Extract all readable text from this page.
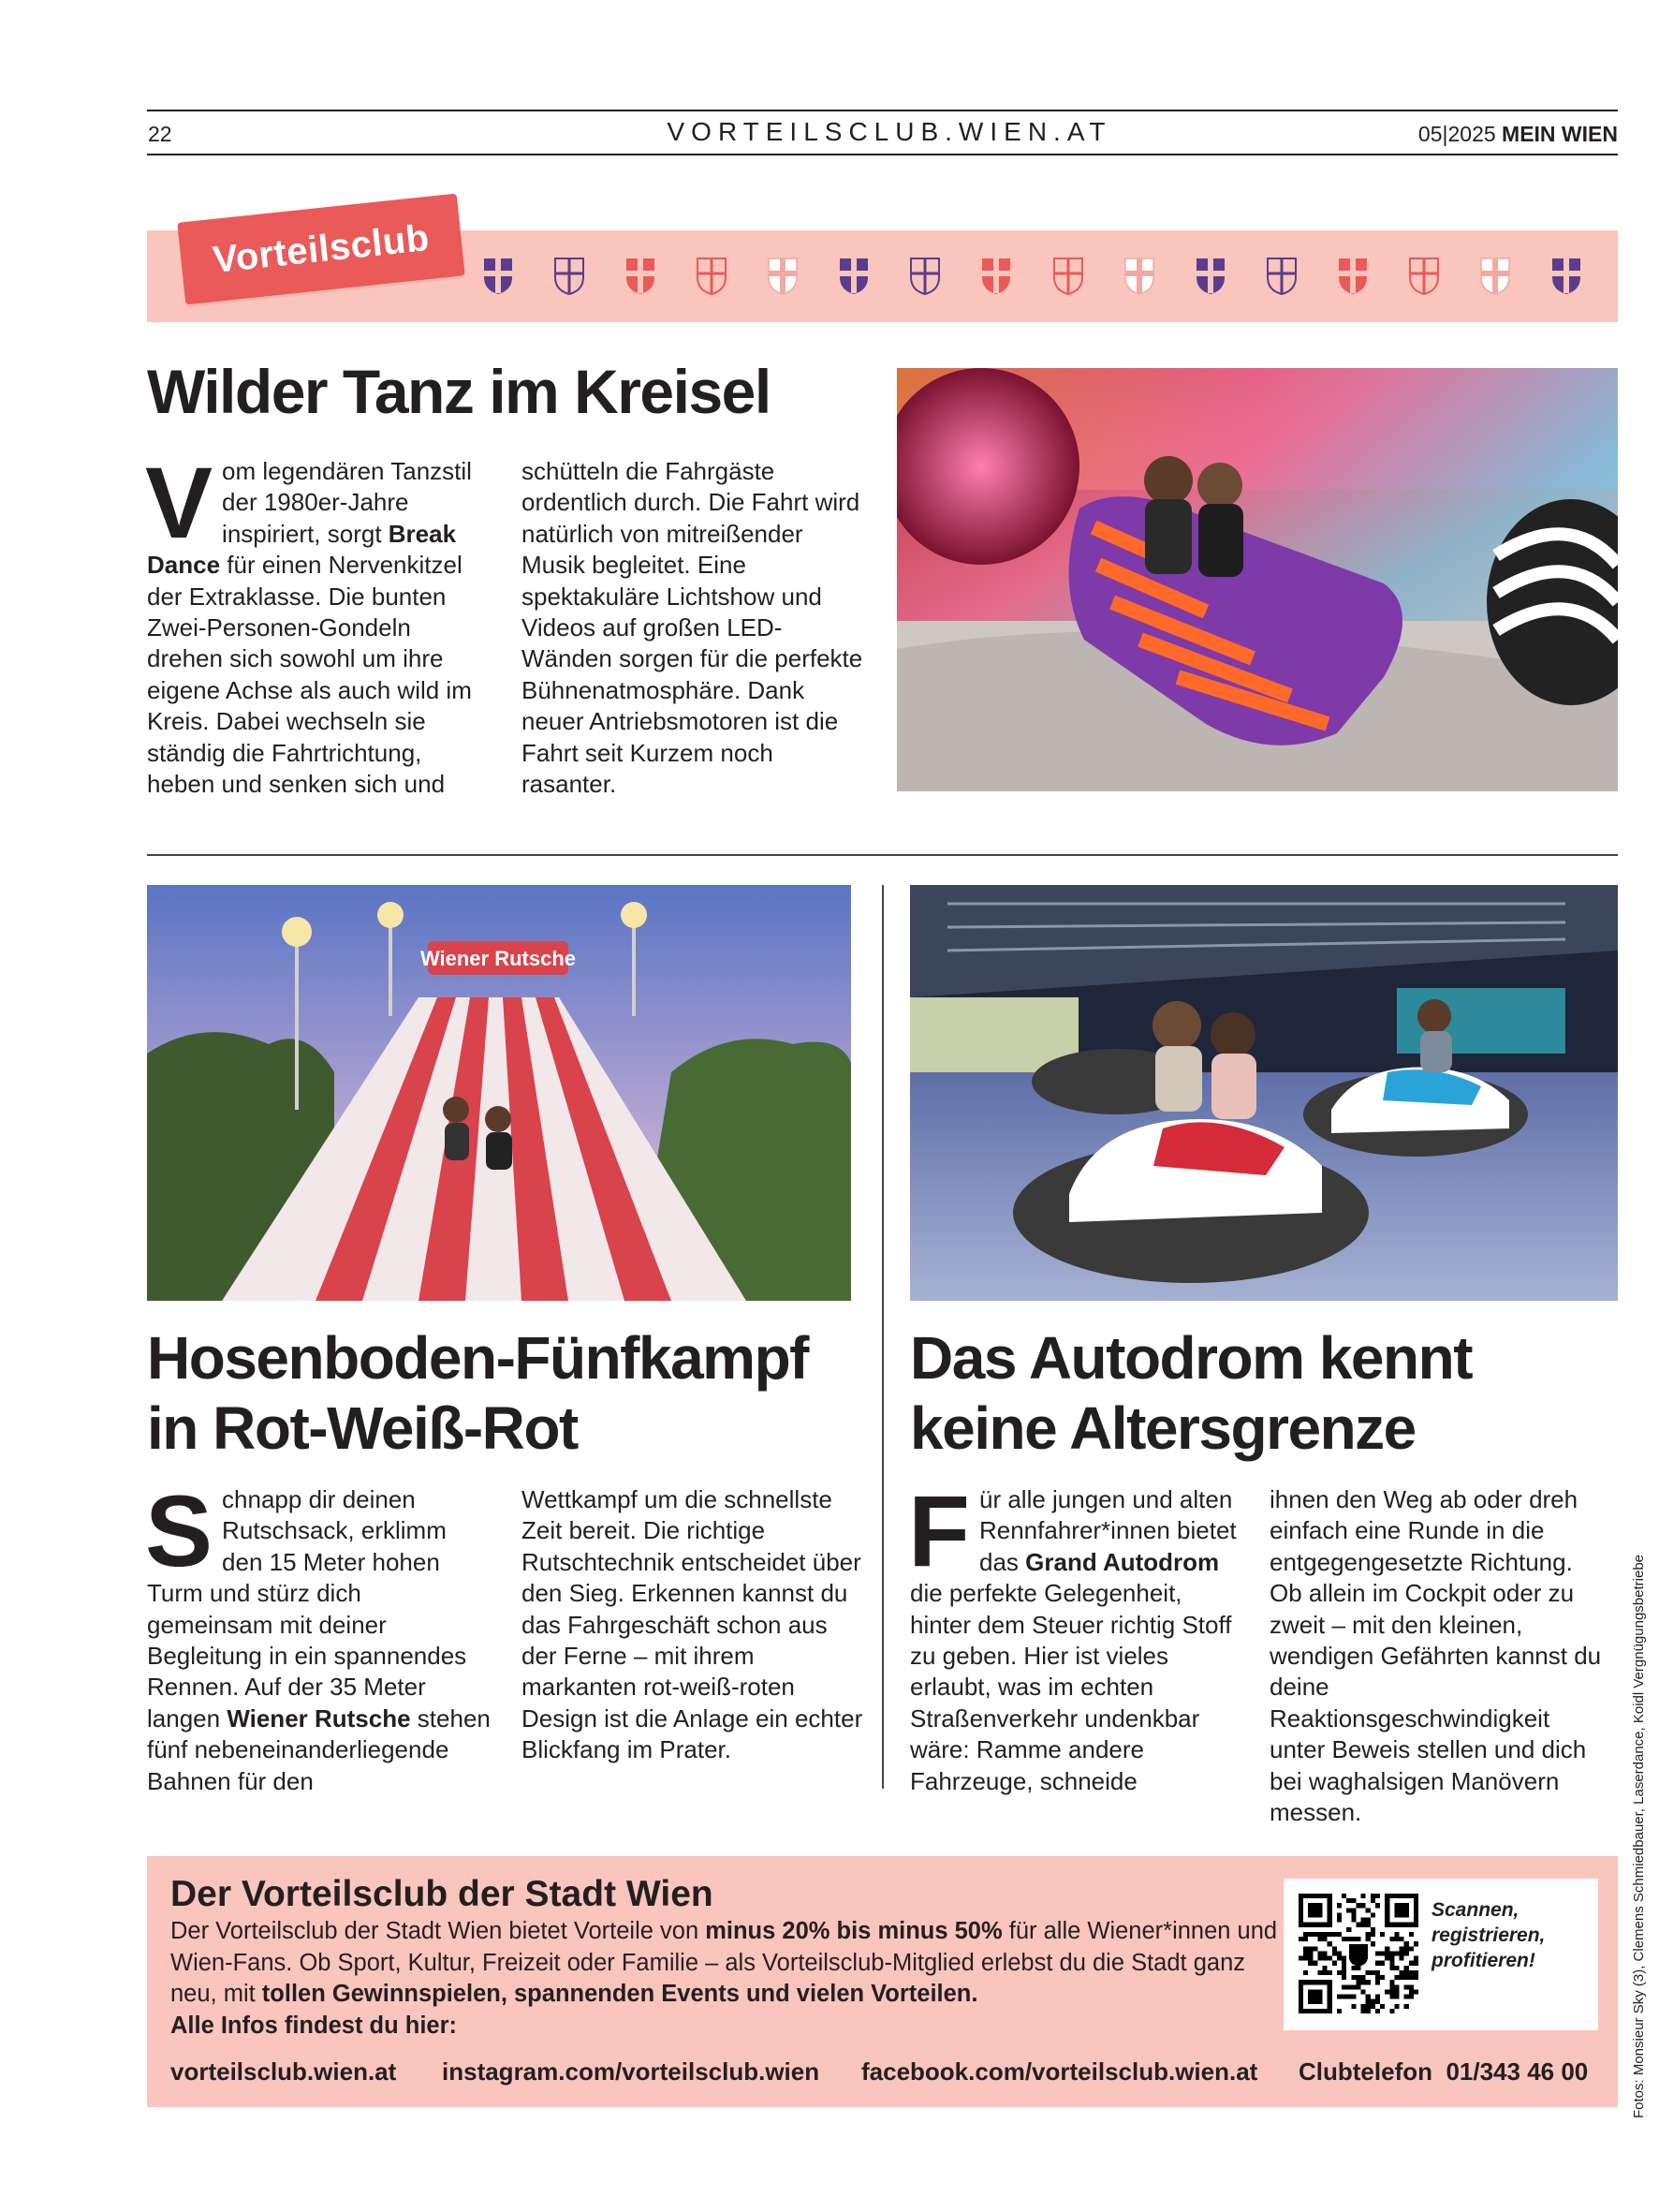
22	VORTEILSCLUB.WIEN.AT	05|2025 MEIN WIEN
Vorteilsclub
Wilder Tanz im Kreisel
V om legendären Tanzstil der 1980er-Jahre inspiriert, sorgt Break Dance für einen Nervenkitzel der Extraklasse. Die bunten Zwei-Personen-Gondeln drehen sich sowohl um ihre eigene Achse als auch wild im Kreis. Dabei wechseln sie ständig die Fahrtrichtung, heben und senken sich und
schütteln die Fahrgäste ordentlich durch. Die Fahrt wird natürlich von mitreißender Musik begleitet. Eine spektakuläre Lichtshow und Videos auf großen LED-Wänden sorgen für die perfekte Bühnenatmosphäre. Dank neuer Antriebsmotoren ist die Fahrt seit Kurzem noch rasanter.
Wiener Rutsche
Hosenboden-Fünfkampf
in Rot-Weiß-Rot
S chnapp dir deinen Rutschsack, erklimm den 15 Meter hohen Turm und stürz dich gemeinsam mit deiner Begleitung in ein spannendes Rennen. Auf der 35 Meter langen Wiener Rutsche stehen fünf nebeneinanderliegende Bahnen für den
Wettkampf um die schnellste Zeit bereit. Die richtige Rutschtechnik entscheidet über den Sieg. Erkennen kannst du das Fahrgeschäft schon aus der Ferne – mit ihrem markanten rot-weiß-roten Design ist die Anlage ein echter Blickfang im Prater.
Das Autodrom kennt
keine Altersgrenze
F ür alle jungen und alten Rennfahrer*innen bietet das Grand Autodrom die perfekte Gelegenheit, hinter dem Steuer richtig Stoff zu geben. Hier ist vieles erlaubt, was im echten Straßenverkehr undenkbar wäre: Ramme andere Fahrzeuge, schneide
ihnen den Weg ab oder dreh einfach eine Runde in die entgegengesetzte Richtung. Ob allein im Cockpit oder zu zweit – mit den kleinen, wendigen Gefährten kannst du deine Reaktionsgeschwindigkeit unter Beweis stellen und dich bei waghalsigen Manövern messen.
Der Vorteilsclub der Stadt Wien
Der Vorteilsclub der Stadt Wien bietet Vorteile von minus 20% bis minus 50% für alle Wiener*innen und Wien-Fans. Ob Sport, Kultur, Freizeit oder Familie – als Vorteilsclub-Mitglied erlebst du die Stadt ganz neu, mit tollen Gewinnspielen, spannenden Events und vielen Vorteilen.
Alle Infos findest du hier:
Scannen,
registrieren,
profitieren!
vorteilsclub.wien.at instagram.com/vorteilsclub.wien facebook.com/vorteilsclub.wien.at Clubtelefon 01/343 46 00	Fotos: Monsieur Sky (3), Clemens Schmiedbauer, Laserdance, Koidl Vergnügungsbetriebe
